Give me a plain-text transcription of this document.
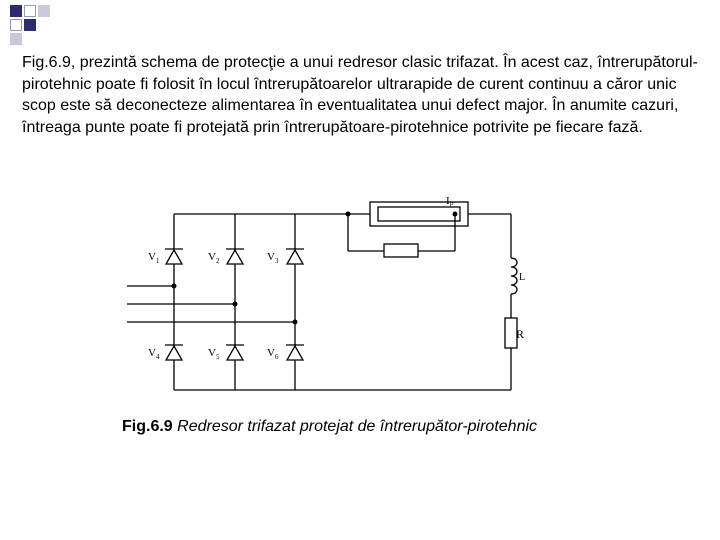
Fig.6.9, prezintă schema de protecţie a unui redresor clasic trifazat. În acest caz, întrerupătorul-pirotehnic poate fi folosit în locul întrerupătoarelor ultrarapide de curent continuu a căror unic scop este să deconecteze alimentarea în eventualitatea unui defect major. În anumite cazuri, întreaga punte poate fi protejată prin întrerupătoare-pirotehnice potrivite pe fiecare fază.

$V_1$	$V_2$	$V_3$
$V_4$	$V_5$	$V_6$
$I_P$
L
R
Fig.6.9 Redresor trifazat protejat de întrerupător-pirotehnic
